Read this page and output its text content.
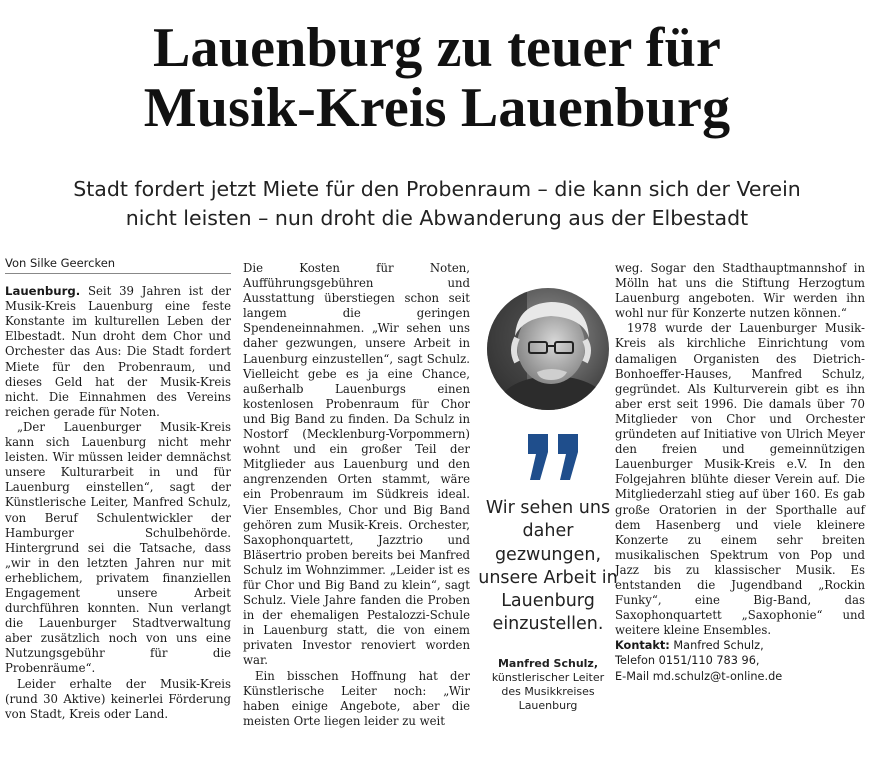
Lauenburg zu teuer für
Musik-Kreis Lauenburg
Stadt fordert jetzt Miete für den Probenraum – die kann sich der Verein
nicht leisten – nun droht die Abwanderung aus der Elbestadt
Von Silke Geercken

Lauenburg. Seit 39 Jahren ist der Musik-Kreis Lauenburg eine feste Konstante im kulturellen Leben der Elbestadt. Nun droht dem Chor und Orchester das Aus: Die Stadt fordert Miete für den Probenraum, und dieses Geld hat der Musik-Kreis nicht. Die Einnahmen des Vereins reichen gerade für Noten.

„Der Lauenburger Musik-Kreis kann sich Lauenburg nicht mehr leisten. Wir müssen leider demnächst unsere Kulturarbeit in und für Lauenburg einstellen“, sagt der Künstlerische Leiter, Manfred Schulz, von Beruf Schulentwickler der Hamburger Schulbehörde. Hintergrund sei die Tatsache, dass „wir in den letzten Jahren nur mit erheblichem, privatem finanziellen Engagement unsere Arbeit durchführen konnten. Nun verlangt die Lauenburger Stadtverwaltung aber zusätzlich noch von uns eine Nutzungsgebühr für die Probenräume“.

Leider erhalte der Musik-Kreis (rund 30 Aktive) keinerlei Förderung von Stadt, Kreis oder Land.

Die Kosten für Noten, Aufführungsgebühren und Ausstattung überstiegen schon seit langem die geringen Spendeneinnahmen. „Wir sehen uns daher gezwungen, unsere Arbeit in Lauenburg einzustellen“, sagt Schulz. Vielleicht gebe es ja eine Chance, außerhalb Lauenburgs einen kostenlosen Probenraum für Chor und Big Band zu finden. Da Schulz in Nostorf (Mecklenburg-Vorpommern) wohnt und ein großer Teil der Mitglieder aus Lauenburg und den angrenzenden Orten stammt, wäre ein Probenraum im Südkreis ideal. Vier Ensembles, Chor und Big Band gehören zum Musik-Kreis. Orchester, Saxophonquartett, Jazztrio und Bläsertrio proben bereits bei Manfred Schulz im Wohnzimmer. „Leider ist es für Chor und Big Band zu klein“, sagt Schulz. Viele Jahre fanden die Proben in der ehemaligen Pestalozzi-Schule in Lauenburg statt, die von einem privaten Investor renoviert worden war.

Ein bisschen Hoffnung hat der Künstlerische Leiter noch: „Wir haben einige Angebote, aber die meisten Orte liegen leider zu weit

Wir sehen uns daher gezwungen, unsere Arbeit in Lauenburg einzustellen.
Manfred Schulz,
künstlerischer Leiter
des Musikkreises
Lauenburg

weg. Sogar den Stadthauptmannshof in Mölln hat uns die Stiftung Herzogtum Lauenburg angeboten. Wir werden ihn wohl nur für Konzerte nutzen können.“

1978 wurde der Lauenburger Musik-Kreis als kirchliche Einrichtung vom damaligen Organisten des Dietrich-Bonhoeffer-Hauses, Manfred Schulz, gegründet. Als Kulturverein gibt es ihn aber erst seit 1996. Die damals über 70 Mitglieder von Chor und Orchester gründeten auf Initiative von Ulrich Meyer den freien und gemeinnützigen Lauenburger Musik-Kreis e.V. In den Folgejahren blühte dieser Verein auf. Die Mitgliederzahl stieg auf über 160. Es gab große Oratorien in der Sporthalle auf dem Hasenberg und viele kleinere Konzerte zu einem sehr breiten musikalischen Spektrum von Pop und Jazz bis zu klassischer Musik. Es entstanden die Jugendband „Rockin Funky“, eine Big-Band, das Saxophonquartett „Saxophonie“ und weitere kleine Ensembles.

Kontakt: Manfred Schulz,
Telefon 0151/110 783 96,
E-Mail md.schulz@t-online.de
